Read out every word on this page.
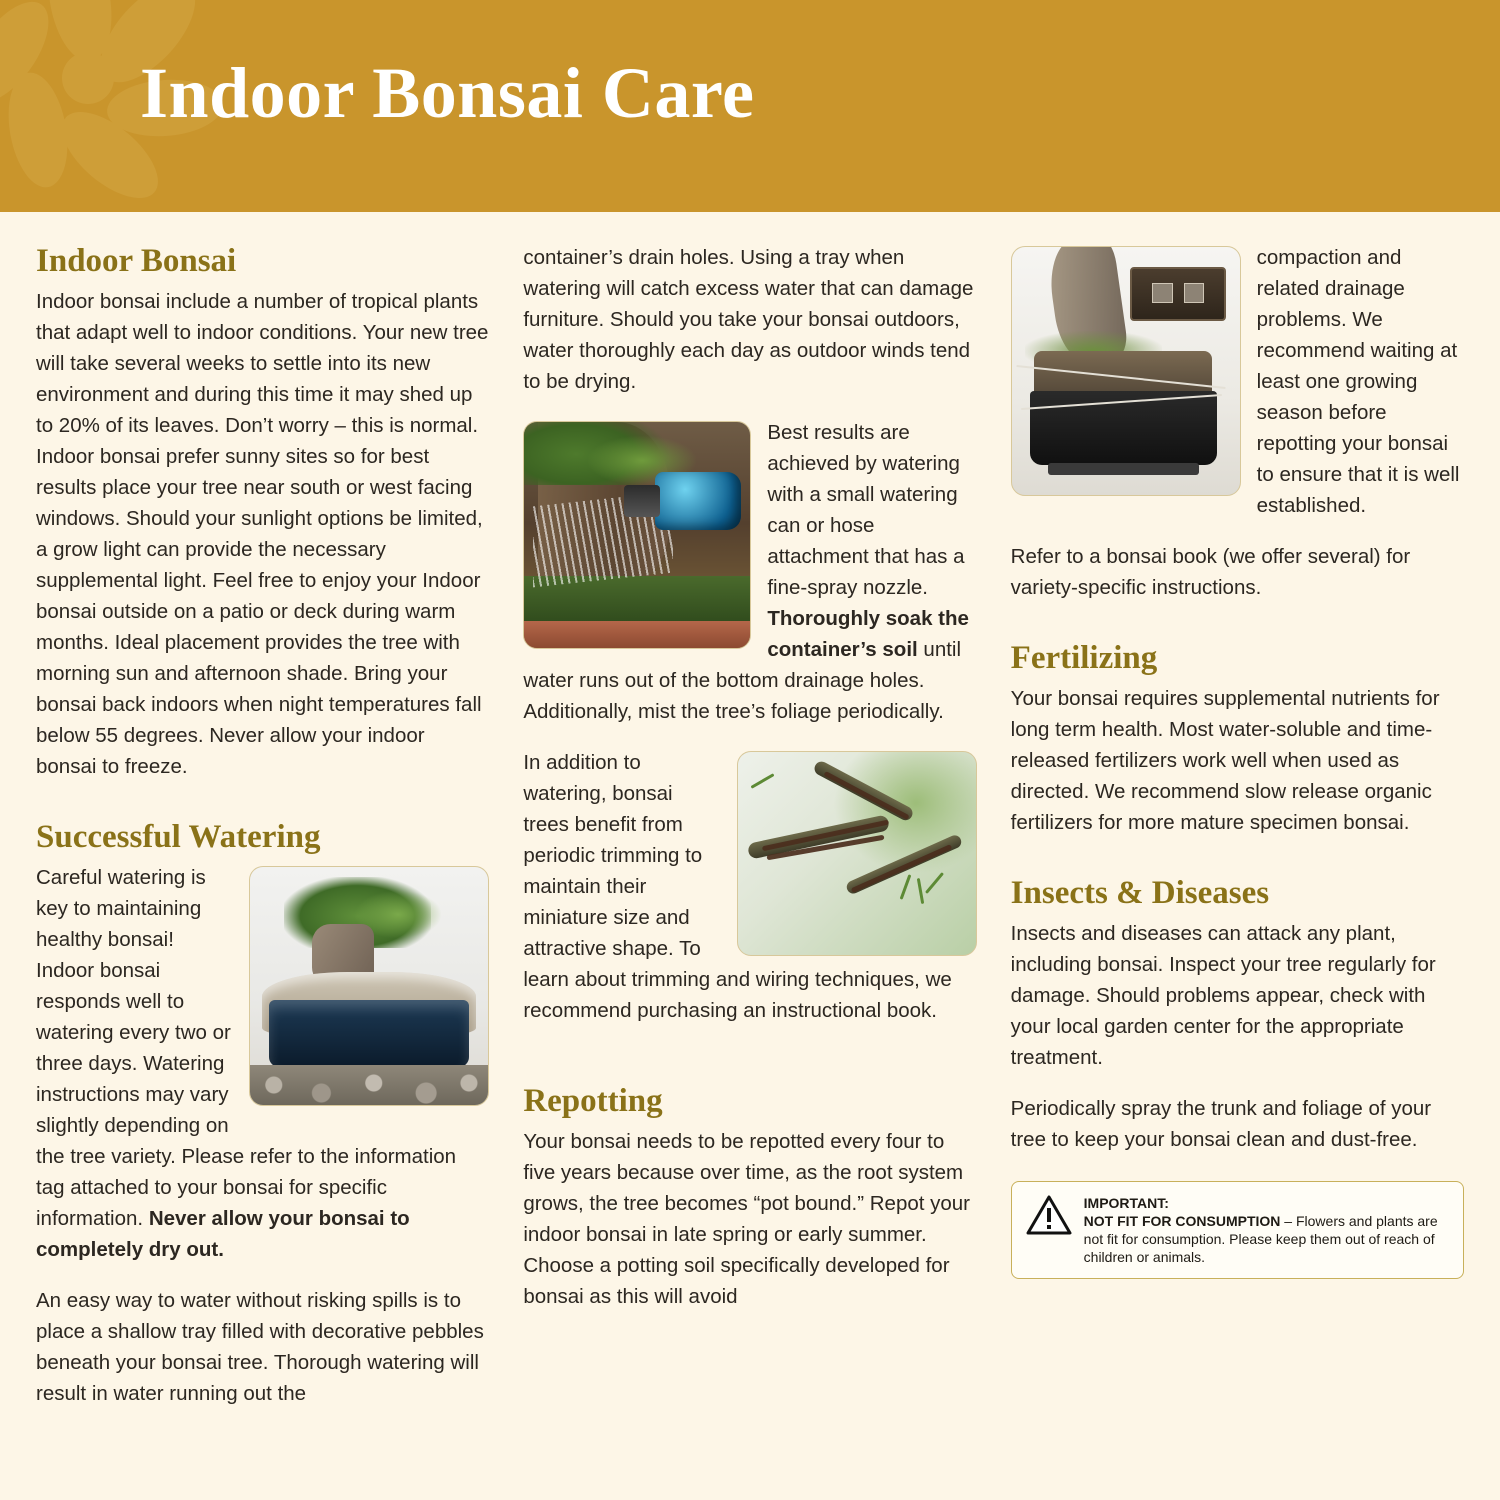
Indoor Bonsai Care
Indoor Bonsai

Indoor bonsai include a number of tropical plants that adapt well to indoor conditions. Your new tree will take several weeks to settle into its new environment and during this time it may shed up to 20% of its leaves. Don’t worry – this is normal. Indoor bonsai prefer sunny sites so for best results place your tree near south or west facing windows. Should your sunlight options be limited, a grow light can provide the necessary supplemental light. Feel free to enjoy your Indoor bonsai outside on a patio or deck during warm months. Ideal placement provides the tree with morning sun and afternoon shade. Bring your bonsai back indoors when night temperatures fall below 55 degrees. Never allow your indoor bonsai to freeze.

Successful Watering

Careful watering is key to maintaining healthy bonsai! Indoor bonsai responds well to watering every two or three days. Watering instructions may vary slightly depending on the tree variety. Please refer to the information tag attached to your bonsai for specific information. Never allow your bonsai to completely dry out.

An easy way to water without risking spills is to place a shallow tray filled with decorative pebbles beneath your bonsai tree. Thorough watering will result in water running out the

container’s drain holes. Using a tray when watering will catch excess water that can damage furniture. Should you take your bonsai outdoors, water thoroughly each day as outdoor winds tend to be drying.

Best results are achieved by watering with a small watering can or hose attachment that has a fine-spray nozzle. Thoroughly soak the container’s soil until water runs out of the bottom drainage holes. Additionally, mist the tree’s foliage periodically.

In addition to watering, bonsai trees benefit from periodic trimming to maintain their miniature size and attractive shape. To learn about trimming and wiring techniques, we recommend purchasing an instructional book.

Repotting

Your bonsai needs to be repotted every four to five years because over time, as the root system grows, the tree becomes “pot bound.” Repot your indoor bonsai in late spring or early summer. Choose a potting soil specifically developed for bonsai as this will avoid

compaction and related drainage problems. We recommend waiting at least one growing season before repotting your bonsai to ensure that it is well established.

Refer to a bonsai book (we offer several) for variety-specific instructions.

Fertilizing

Your bonsai requires supplemental nutrients for long term health. Most water-soluble and time-released fertilizers work well when used as directed. We recommend slow release organic fertilizers for more mature specimen bonsai.

Insects & Diseases

Insects and diseases can attack any plant, including bonsai. Inspect your tree regularly for damage. Should problems appear, check with your local garden center for the appropriate treatment.

Periodically spray the trunk and foliage of your tree to keep your bonsai clean and dust-free.

IMPORTANT:
NOT FIT FOR CONSUMPTION – Flowers and plants are not fit for consumption. Please keep them out of reach of children or animals.
